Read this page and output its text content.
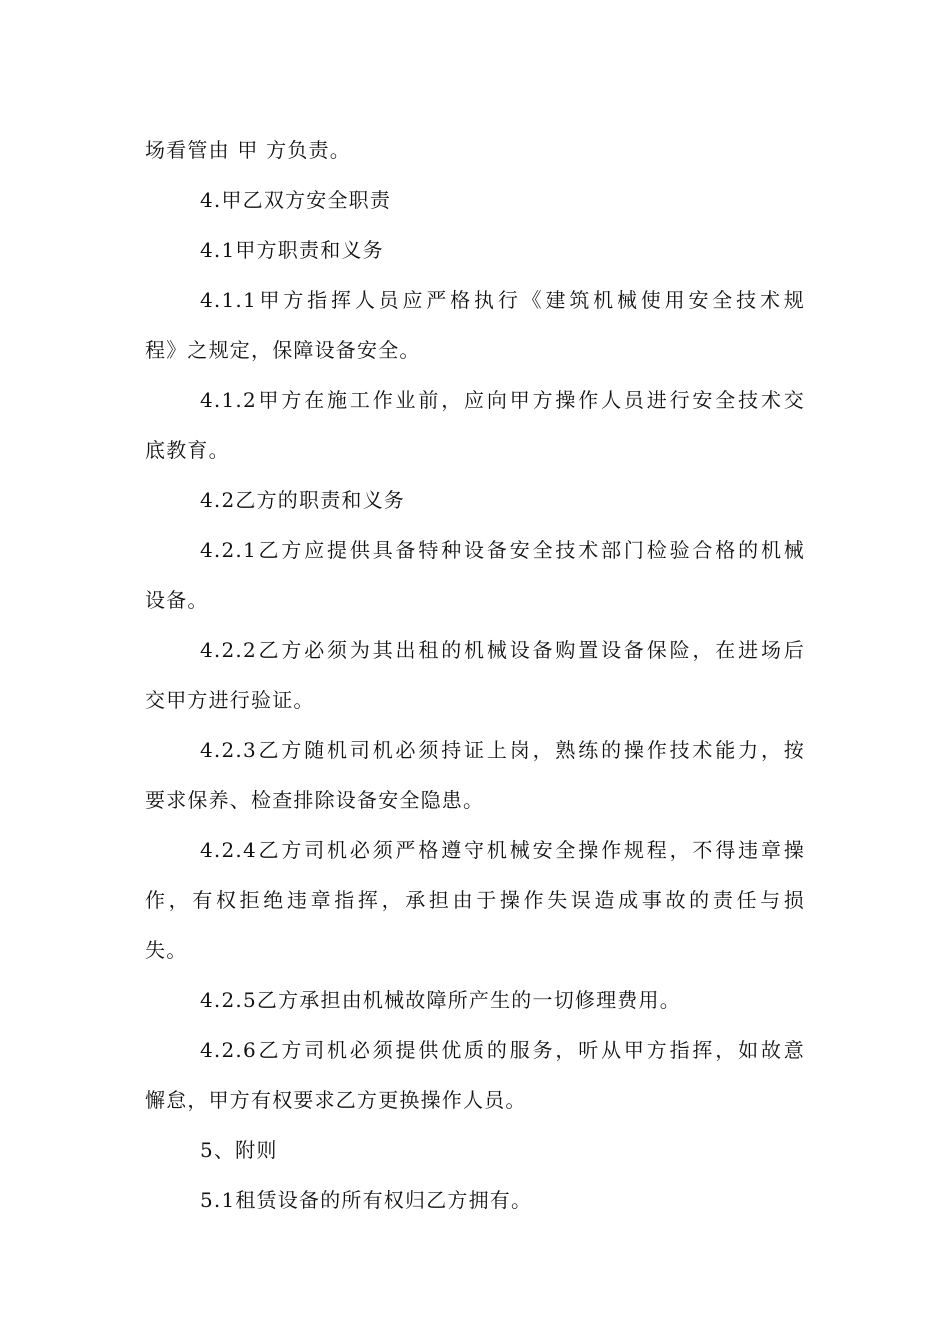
场看管由 甲 方负责。
4.甲乙双方安全职责
4.1甲方职责和义务
4.1.1甲方指挥人员应严格执行《建筑机械使用安全技术规
程》之规定，保障设备安全。
4.1.2甲方在施工作业前，应向甲方操作人员进行安全技术交
底教育。
4.2乙方的职责和义务
4.2.1乙方应提供具备特种设备安全技术部门检验合格的机械
设备。
4.2.2乙方必须为其出租的机械设备购置设备保险，在进场后
交甲方进行验证。
4.2.3乙方随机司机必须持证上岗，熟练的操作技术能力，按
要求保养、检查排除设备安全隐患。
4.2.4乙方司机必须严格遵守机械安全操作规程，不得违章操
作，有权拒绝违章指挥，承担由于操作失误造成事故的责任与损
失。
4.2.5乙方承担由机械故障所产生的一切修理费用。
4.2.6乙方司机必须提供优质的服务，听从甲方指挥，如故意
懈怠，甲方有权要求乙方更换操作人员。
5、附则
5.1租赁设备的所有权归乙方拥有。
